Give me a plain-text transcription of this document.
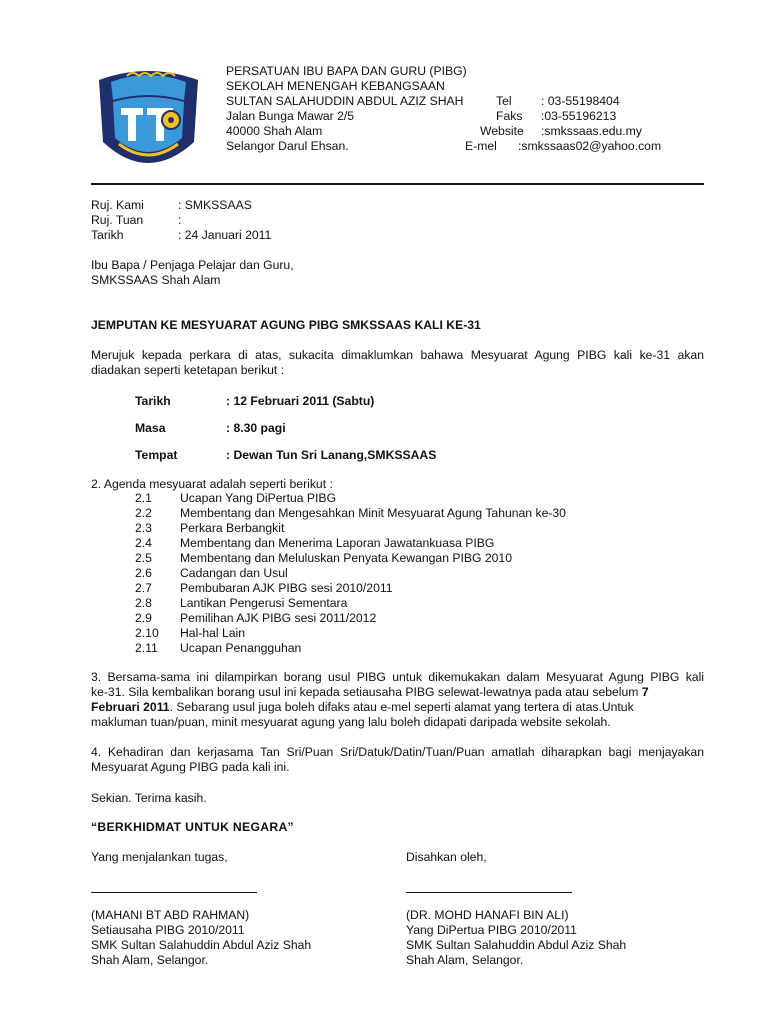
PERSATUAN IBU BAPA DAN GURU (PIBG)
SEKOLAH MENENGAH KEBANGSAAN
SULTAN SALAHUDDIN ABDUL AZIZ SHAH
Jalan Bunga Mawar 2/5
40000 Shah Alam
Selangor Darul Ehsan.
Tel : 03-55198404
Faks :03-55196213
Website :smkssaas.edu.my
E-mel :smkssaas02@yahoo.com
Ruj. Kami	: SMKSSAAS
Ruj. Tuan	:
Tarikh	: 24 Januari 2011
Ibu Bapa / Penjaga Pelajar dan Guru,
SMKSSAAS Shah Alam
JEMPUTAN KE MESYUARAT AGUNG PIBG SMKSSAAS KALI KE-31
Merujuk kepada perkara di atas, sukacita dimaklumkan bahawa Mesyuarat Agung PIBG kali ke-31 akan
diadakan seperti ketetapan berikut :
Tarikh	: 12 Februari 2011 (Sabtu)
Masa	: 8.30 pagi
Tempat	: Dewan Tun Sri Lanang,SMKSSAAS
2. Agenda mesyuarat adalah seperti berikut :
2.1 Ucapan Yang DiPertua PIBG
2.2 Membentang dan Mengesahkan Minit Mesyuarat Agung Tahunan ke-30
2.3 Perkara Berbangkit
2.4 Membentang dan Menerima Laporan Jawatankuasa PIBG
2.5 Membentang dan Meluluskan Penyata Kewangan PIBG 2010
2.6 Cadangan dan Usul
2.7 Pembubaran AJK PIBG sesi 2010/2011
2.8 Lantikan Pengerusi Sementara
2.9 Pemilihan AJK PIBG sesi 2011/2012
2.10 Hal-hal Lain
2.11 Ucapan Penangguhan
3. Bersama-sama ini dilampirkan borang usul PIBG untuk dikemukakan dalam Mesyuarat Agung PIBG kali
ke-31. Sila kembalikan borang usul ini kepada setiausaha PIBG selewat-lewatnya pada atau sebelum 7
Februari 2011. Sebarang usul juga boleh difaks atau e-mel seperti alamat yang tertera di atas.Untuk
makluman tuan/puan, minit mesyuarat agung yang lalu boleh didapati daripada website sekolah.
4. Kehadiran dan kerjasama Tan Sri/Puan Sri/Datuk/Datin/Tuan/Puan amatlah diharapkan bagi menjayakan
Mesyuarat Agung PIBG pada kali ini.
Sekian. Terima kasih.
“BERKHIDMAT UNTUK NEGARA”
Yang menjalankan tugas,	Disahkan oleh,
(MAHANI BT ABD RAHMAN)
Setiausaha PIBG 2010/2011
SMK Sultan Salahuddin Abdul Aziz Shah
Shah Alam, Selangor.
(DR. MOHD HANAFI BIN ALI)
Yang DiPertua PIBG 2010/2011
SMK Sultan Salahuddin Abdul Aziz Shah
Shah Alam, Selangor.
